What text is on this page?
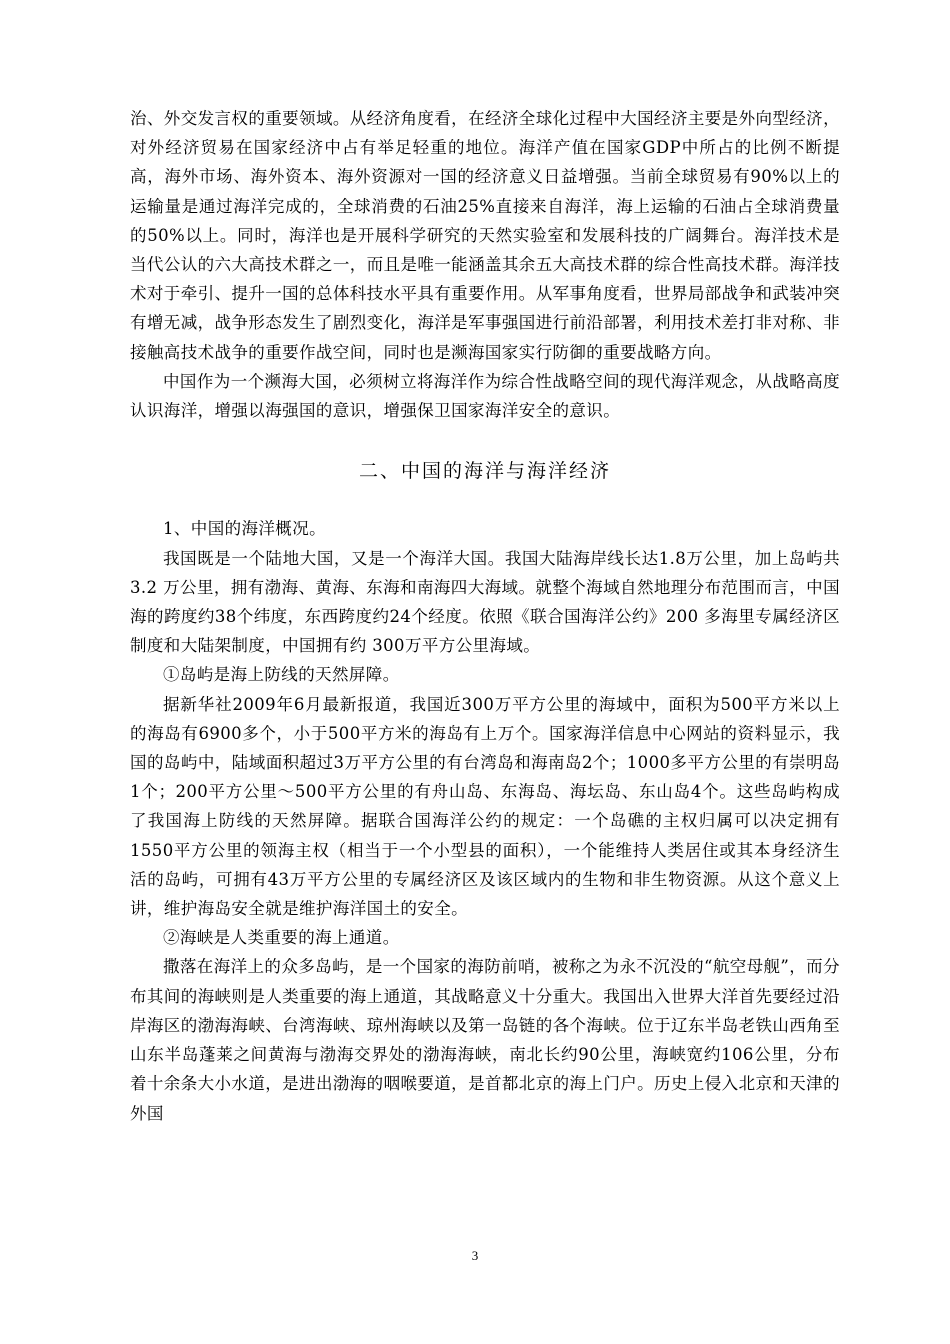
治、外交发言权的重要领域。从经济角度看，在经济全球化过程中大国经济主要是外向型经济，对外经济贸易在国家经济中占有举足轻重的地位。海洋产值在国家GDP中所占的比例不断提高，海外市场、海外资本、海外资源对一国的经济意义日益增强。当前全球贸易有90%以上的运输量是通过海洋完成的，全球消费的石油25%直接来自海洋，海上运输的石油占全球消费量的50%以上。同时，海洋也是开展科学研究的天然实验室和发展科技的广阔舞台。海洋技术是当代公认的六大高技术群之一，而且是唯一能涵盖其余五大高技术群的综合性高技术群。海洋技术对于牵引、提升一国的总体科技水平具有重要作用。从军事角度看，世界局部战争和武装冲突有增无减，战争形态发生了剧烈变化，海洋是军事强国进行前沿部署，利用技术差打非对称、非接触高技术战争的重要作战空间，同时也是濒海国家实行防御的重要战略方向。

中国作为一个濒海大国，必须树立将海洋作为综合性战略空间的现代海洋观念，从战略高度认识海洋，增强以海强国的意识，增强保卫国家海洋安全的意识。

二、中国的海洋与海洋经济

1、中国的海洋概况。

我国既是一个陆地大国，又是一个海洋大国。我国大陆海岸线长达1.8万公里，加上岛屿共 3.2 万公里，拥有渤海、黄海、东海和南海四大海域。就整个海域自然地理分布范围而言，中国海的跨度约38个纬度，东西跨度约24个经度。依照《联合国海洋公约》200 多海里专属经济区制度和大陆架制度，中国拥有约 300万平方公里海域。

①岛屿是海上防线的天然屏障。

据新华社2009年6月最新报道，我国近300万平方公里的海域中，面积为500平方米以上的海岛有6900多个，小于500平方米的海岛有上万个。国家海洋信息中心网站的资料显示，我国的岛屿中，陆域面积超过3万平方公里的有台湾岛和海南岛2个；1000多平方公里的有崇明岛1个；200平方公里～500平方公里的有舟山岛、东海岛、海坛岛、东山岛4个。这些岛屿构成了我国海上防线的天然屏障。据联合国海洋公约的规定：一个岛礁的主权归属可以决定拥有1550平方公里的领海主权（相当于一个小型县的面积），一个能维持人类居住或其本身经济生活的岛屿，可拥有43万平方公里的专属经济区及该区域内的生物和非生物资源。从这个意义上讲，维护海岛安全就是维护海洋国土的安全。

②海峡是人类重要的海上通道。

撒落在海洋上的众多岛屿，是一个国家的海防前哨，被称之为永不沉没的“航空母舰”，而分布其间的海峡则是人类重要的海上通道，其战略意义十分重大。我国出入世界大洋首先要经过沿岸海区的渤海海峡、台湾海峡、琼州海峡以及第一岛链的各个海峡。位于辽东半岛老铁山西角至山东半岛蓬莱之间黄海与渤海交界处的渤海海峡，南北长约90公里，海峡宽约106公里，分布着十余条大小水道，是进出渤海的咽喉要道，是首都北京的海上门户。历史上侵入北京和天津的外国

3
